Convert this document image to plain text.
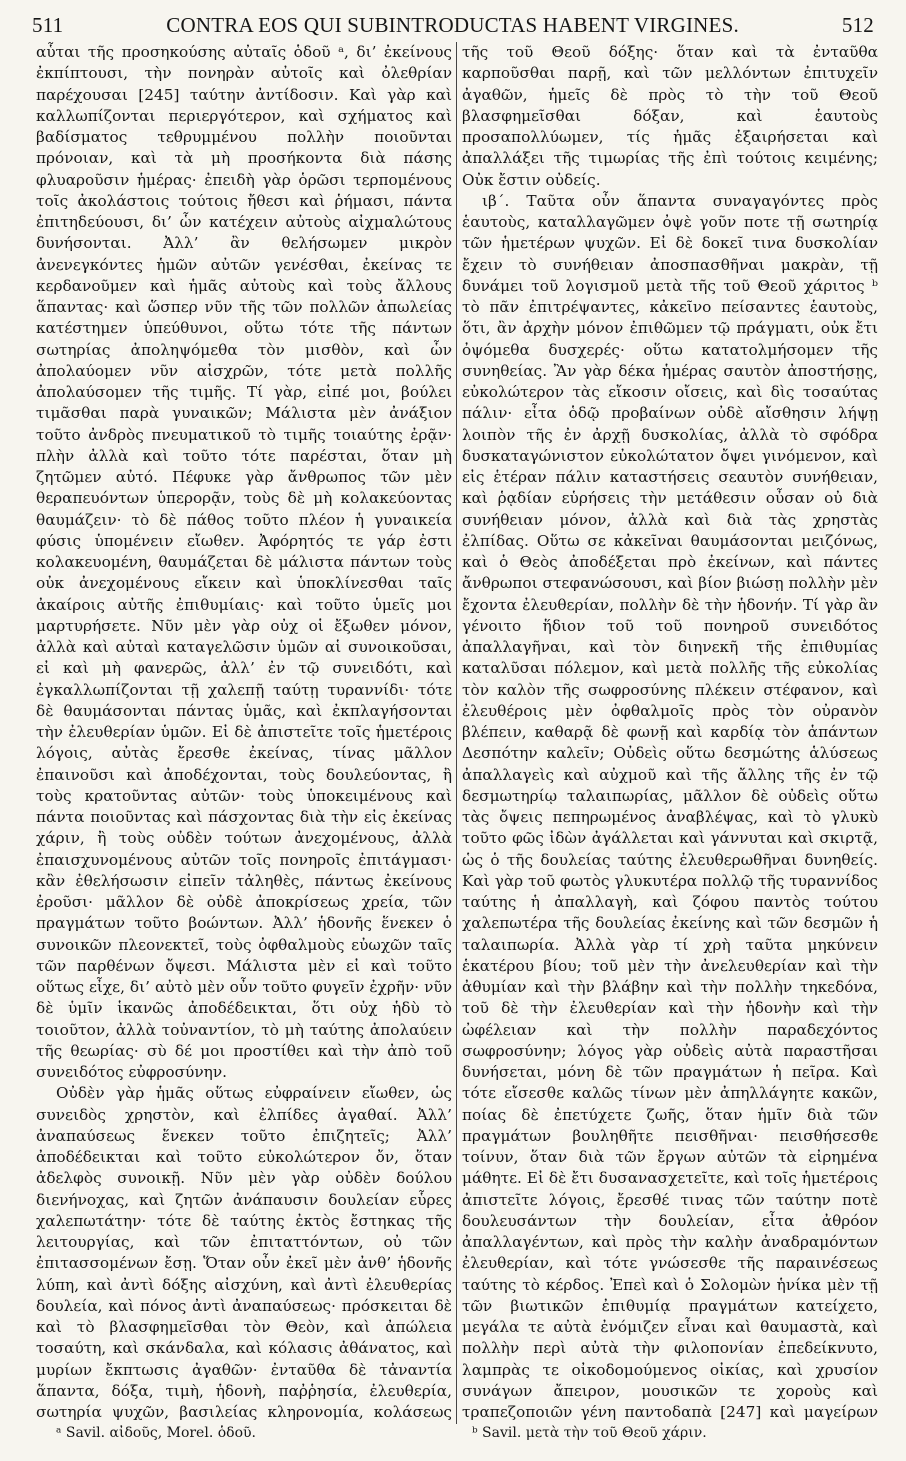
511	CONTRA EOS QUI SUBINTRODUCTAS HABENT VIRGINES.	512

αὗται τῆς προσηκούσης αὐταῖς ὁδοῦ ᵃ, δι’ ἐκείνους ἐκπίπτουσι, τὴν πονηρὰν αὐτοῖς καὶ ὀλεθρίαν παρέχουσαι [245] ταύτην ἀντίδοσιν. Καὶ γὰρ καὶ καλλωπίζονται περιεργότερον, καὶ σχήματος καὶ βαδίσματος τεθρυμμένου πολλὴν ποιοῦνται πρόνοιαν, καὶ τὰ μὴ προσήκοντα διὰ πάσης φλυαροῦσιν ἡμέρας· ἐπειδὴ γὰρ ὁρῶσι τερπομένους τοῖς ἀκολάστοις τούτοις ἤθεσι καὶ ῥήμασι, πάντα ἐπιτηδεύουσι, δι’ ὧν κατέχειν αὐτοὺς αἰχμαλώτους δυνήσονται. Ἀλλ’ ἂν θελήσωμεν μικρὸν ἀνενεγκόντες ἡμῶν αὐτῶν γενέσθαι, ἐκείνας τε κερδανοῦμεν καὶ ἡμᾶς αὐτοὺς καὶ τοὺς ἄλλους ἅπαντας· καὶ ὥσπερ νῦν τῆς τῶν πολλῶν ἀπωλείας κατέστημεν ὑπεύθυνοι, οὕτω τότε τῆς πάντων σωτηρίας ἀποληψόμεθα τὸν μισθὸν, καὶ ὧν ἀπολαύομεν νῦν αἰσχρῶν, τότε μετὰ πολλῆς ἀπολαύσομεν τῆς τιμῆς. Τί γὰρ, εἰπέ μοι, βούλει τιμᾶσθαι παρὰ γυναικῶν; Μάλιστα μὲν ἀνάξιον τοῦτο ἀνδρὸς πνευματικοῦ τὸ τιμῆς τοιαύτης ἐρᾷν· πλὴν ἀλλὰ καὶ τοῦτο τότε παρέσται, ὅταν μὴ ζητῶμεν αὐτό. Πέφυκε γὰρ ἄνθρωπος τῶν μὲν θεραπευόντων ὑπερορᾷν, τοὺς δὲ μὴ κολακεύοντας θαυμάζειν· τὸ δὲ πάθος τοῦτο πλέον ἡ γυναικεία φύσις ὑπομένειν εἴωθεν. Ἀφόρητός τε γάρ ἐστι κολακευομένη, θαυμάζεται δὲ μάλιστα πάντων τοὺς οὐκ ἀνεχομένους εἴκειν καὶ ὑποκλίνεσθαι ταῖς ἀκαίροις αὐτῆς ἐπιθυμίαις· καὶ τοῦτο ὑμεῖς μοι μαρτυρήσετε. Νῦν μὲν γὰρ οὐχ οἱ ἔξωθεν μόνον, ἀλλὰ καὶ αὐταὶ καταγελῶσιν ὑμῶν αἱ συνοικοῦσαι, εἰ καὶ μὴ φανερῶς, ἀλλ’ ἐν τῷ συνειδότι, καὶ ἐγκαλλωπίζονται τῇ χαλεπῇ ταύτῃ τυραννίδι· τότε δὲ θαυμάσονται πάντας ὑμᾶς, καὶ ἐκπλαγήσονται τὴν ἐλευθερίαν ὑμῶν. Εἰ δὲ ἀπιστεῖτε τοῖς ἡμετέροις λόγοις, αὐτὰς ἔρεσθε ἐκείνας, τίνας μᾶλλον ἐπαινοῦσι καὶ ἀποδέχονται, τοὺς δουλεύοντας, ἢ τοὺς κρατοῦντας αὐτῶν· τοὺς ὑποκειμένους καὶ πάντα ποιοῦντας καὶ πάσχοντας διὰ τὴν εἰς ἐκείνας χάριν, ἢ τοὺς οὐδὲν τούτων ἀνεχομένους, ἀλλὰ ἐπαισχυνομένους αὐτῶν τοῖς πονηροῖς ἐπιτάγμασι· κἂν ἐθελήσωσιν εἰπεῖν τἀληθὲς, πάντως ἐκείνους ἐροῦσι· μᾶλλον δὲ οὐδὲ ἀποκρίσεως χρεία, τῶν πραγμάτων τοῦτο βοώντων. Ἀλλ’ ἡδονῆς ἕνεκεν ὁ συνοικῶν πλεονεκτεῖ, τοὺς ὀφθαλμοὺς εὐωχῶν ταῖς τῶν παρθένων ὄψεσι. Μάλιστα μὲν εἰ καὶ τοῦτο οὕτως εἶχε, δι’ αὐτὸ μὲν οὖν τοῦτο φυγεῖν ἐχρῆν· νῦν δὲ ὑμῖν ἱκανῶς ἀποδέδεικται, ὅτι οὐχ ἡδὺ τὸ τοιοῦτον, ἀλλὰ τοὐναντίον, τὸ μὴ ταύτης ἀπολαύειν τῆς θεωρίας· σὺ δέ μοι προστίθει καὶ τὴν ἀπὸ τοῦ συνειδότος εὐφροσύνην.

Οὐδὲν γὰρ ἡμᾶς οὕτως εὐφραίνειν εἴωθεν, ὡς συνειδὸς χρηστὸν, καὶ ἐλπίδες ἀγαθαί. Ἀλλ’ ἀναπαύσεως ἕνεκεν τοῦτο ἐπιζητεῖς; Ἀλλ’ ἀποδέδεικται καὶ τοῦτο εὐκολώτερον ὄν, ὅταν ἀδελφὸς συνοικῇ. Νῦν μὲν γὰρ οὐδὲν δούλου διενήνοχας, καὶ ζητῶν ἀνάπαυσιν δουλείαν εὗρες χαλεπωτάτην· τότε δὲ ταύτης ἐκτὸς ἔστηκας τῆς λειτουργίας, καὶ τῶν ἐπιταττόντων, οὐ τῶν ἐπιτασσομένων ἔσῃ. Ὅταν οὖν ἐκεῖ μὲν ἀνθ’ ἡδονῆς λύπη, καὶ ἀντὶ δόξης αἰσχύνη, καὶ ἀντὶ ἐλευθερίας δουλεία, καὶ πόνος ἀντὶ ἀναπαύσεως· πρόσκειται δὲ καὶ τὸ βλασφημεῖσθαι τὸν Θεὸν, καὶ ἀπώλεια τοσαύτη, καὶ σκάνδαλα, καὶ κόλασις ἀθάνατος, καὶ μυρίων ἔκπτωσις ἀγαθῶν· ἐνταῦθα δὲ τἀναντία ἅπαντα, δόξα, τιμὴ, ἡδονὴ, παῤῥησία, ἐλευθερία, σωτηρία ψυχῶν, βασιλείας κληρονομία, κολάσεως

τῆς τοῦ Θεοῦ δόξης· ὅταν καὶ τὰ ἐνταῦθα καρποῦσθαι παρῇ, καὶ τῶν μελλόντων ἐπιτυχεῖν ἀγαθῶν, ἡμεῖς δὲ πρὸς τὸ τὴν τοῦ Θεοῦ βλασφημεῖσθαι δόξαν, καὶ ἑαυτοὺς προσαπολλύωμεν, τίς ἡμᾶς ἐξαιρήσεται καὶ ἀπαλλάξει τῆς τιμωρίας τῆς ἐπὶ τούτοις κειμένης; Οὐκ ἔστιν οὐδείς.

ιβ΄. Ταῦτα οὖν ἅπαντα συναγαγόντες πρὸς ἑαυτοὺς, καταλλαγῶμεν ὀψὲ γοῦν ποτε τῇ σωτηρίᾳ τῶν ἡμετέρων ψυχῶν. Εἰ δὲ δοκεῖ τινα δυσκολίαν ἔχειν τὸ συνήθειαν ἀποσπασθῆναι μακρὰν, τῇ δυνάμει τοῦ λογισμοῦ μετὰ τῆς τοῦ Θεοῦ χάριτος ᵇ τὸ πᾶν ἐπιτρέψαντες, κἀκεῖνο πείσαντες ἑαυτοὺς, ὅτι, ἂν ἀρχὴν μόνον ἐπιθῶμεν τῷ πράγματι, οὐκ ἔτι ὀψόμεθα δυσχερές· οὕτω κατατολμήσομεν τῆς συνηθείας. Ἂν γὰρ δέκα ἡμέρας σαυτὸν ἀποστήσῃς, εὐκολώτερον τὰς εἴκοσιν οἴσεις, καὶ δὶς τοσαύτας πάλιν· εἶτα ὁδῷ προβαίνων οὐδὲ αἴσθησιν λήψῃ λοιπὸν τῆς ἐν ἀρχῇ δυσκολίας, ἀλλὰ τὸ σφόδρα δυσκαταγώνιστον εὐκολώτατον ὄψει γινόμενον, καὶ εἰς ἑτέραν πάλιν καταστήσεις σεαυτὸν συνήθειαν, καὶ ῥᾳδίαν εὑρήσεις τὴν μετάθεσιν οὖσαν οὐ διὰ συνήθειαν μόνον, ἀλλὰ καὶ διὰ τὰς χρηστὰς ἐλπίδας. Οὕτω σε κἀκεῖναι θαυμάσονται μειζόνως, καὶ ὁ Θεὸς ἀποδέξεται πρὸ ἐκείνων, καὶ πάντες ἄνθρωποι στεφανώσουσι, καὶ βίον βιώσῃ πολλὴν μὲν ἔχοντα ἐλευθερίαν, πολλὴν δὲ τὴν ἡδονήν. Τί γὰρ ἂν γένοιτο ἥδιον τοῦ τοῦ πονηροῦ συνειδότος ἀπαλλαγῆναι, καὶ τὸν διηνεκῆ τῆς ἐπιθυμίας καταλῦσαι πόλεμον, καὶ μετὰ πολλῆς τῆς εὐκολίας τὸν καλὸν τῆς σωφροσύνης πλέκειν στέφανον, καὶ ἐλευθέροις μὲν ὀφθαλμοῖς πρὸς τὸν οὐρανὸν βλέπειν, καθαρᾷ δὲ φωνῇ καὶ καρδίᾳ τὸν ἁπάντων Δεσπότην καλεῖν; Οὐδεὶς οὕτω δεσμώτης ἁλύσεως ἀπαλλαγεὶς καὶ αὐχμοῦ καὶ τῆς ἄλλης τῆς ἐν τῷ δεσμωτηρίῳ ταλαιπωρίας, μᾶλλον δὲ οὐδεὶς οὕτω τὰς ὄψεις πεπηρωμένος ἀναβλέψας, καὶ τὸ γλυκὺ τοῦτο φῶς ἰδὼν ἀγάλλεται καὶ γάννυται καὶ σκιρτᾷ, ὡς ὁ τῆς δουλείας ταύτης ἐλευθερωθῆναι δυνηθείς. Καὶ γὰρ τοῦ φωτὸς γλυκυτέρα πολλῷ τῆς τυραννίδος ταύτης ἡ ἀπαλλαγὴ, καὶ ζόφου παντὸς τούτου χαλεπωτέρα τῆς δουλείας ἐκείνης καὶ τῶν δεσμῶν ἡ ταλαιπωρία. Ἀλλὰ γὰρ τί χρὴ ταῦτα μηκύνειν ἑκατέρου βίου; τοῦ μὲν τὴν ἀνελευθερίαν καὶ τὴν ἀθυμίαν καὶ τὴν βλάβην καὶ τὴν πολλὴν τηκεδόνα, τοῦ δὲ τὴν ἐλευθερίαν καὶ τὴν ἡδονὴν καὶ τὴν ὠφέλειαν καὶ τὴν πολλὴν παραδεχόντος σωφροσύνην; λόγος γὰρ οὐδεὶς αὐτὰ παραστῆσαι δυνήσεται, μόνη δὲ τῶν πραγμάτων ἡ πεῖρα. Καὶ τότε εἴσεσθε καλῶς τίνων μὲν ἀπηλλάγητε κακῶν, ποίας δὲ ἐπετύχετε ζωῆς, ὅταν ἡμῖν διὰ τῶν πραγμάτων βουληθῆτε πεισθῆναι· πεισθήσεσθε τοίνυν, ὅταν διὰ τῶν ἔργων αὐτῶν τὰ εἰρημένα μάθητε. Εἰ δὲ ἔτι δυσανασχετεῖτε, καὶ τοῖς ἡμετέροις ἀπιστεῖτε λόγοις, ἔρεσθέ τινας τῶν ταύτην ποτὲ δουλευσάντων τὴν δουλείαν, εἶτα ἀθρόον ἀπαλλαγέντων, καὶ πρὸς τὴν καλὴν ἀναδραμόντων ἐλευθερίαν, καὶ τότε γνώσεσθε τῆς παραινέσεως ταύτης τὸ κέρδος. Ἐπεὶ καὶ ὁ Σολομὼν ἡνίκα μὲν τῇ τῶν βιωτικῶν ἐπιθυμίᾳ πραγμάτων κατείχετο, μεγάλα τε αὐτὰ ἐνόμιζεν εἶναι καὶ θαυμαστὰ, καὶ πολλὴν περὶ αὐτὰ τὴν φιλοπονίαν ἐπεδείκνυτο, λαμπρὰς τε οἰκοδομούμενος οἰκίας, καὶ χρυσίον συνάγων ἄπειρον, μουσικῶν τε χοροὺς καὶ τραπεζοποιῶν γένη παντοδαπὰ [247] καὶ μαγείρων

ᵃ Savil. αἰδοῦς, Morel. ὁδοῦ.	ᵇ Savil. μετὰ τὴν τοῦ Θεοῦ χάριν.
